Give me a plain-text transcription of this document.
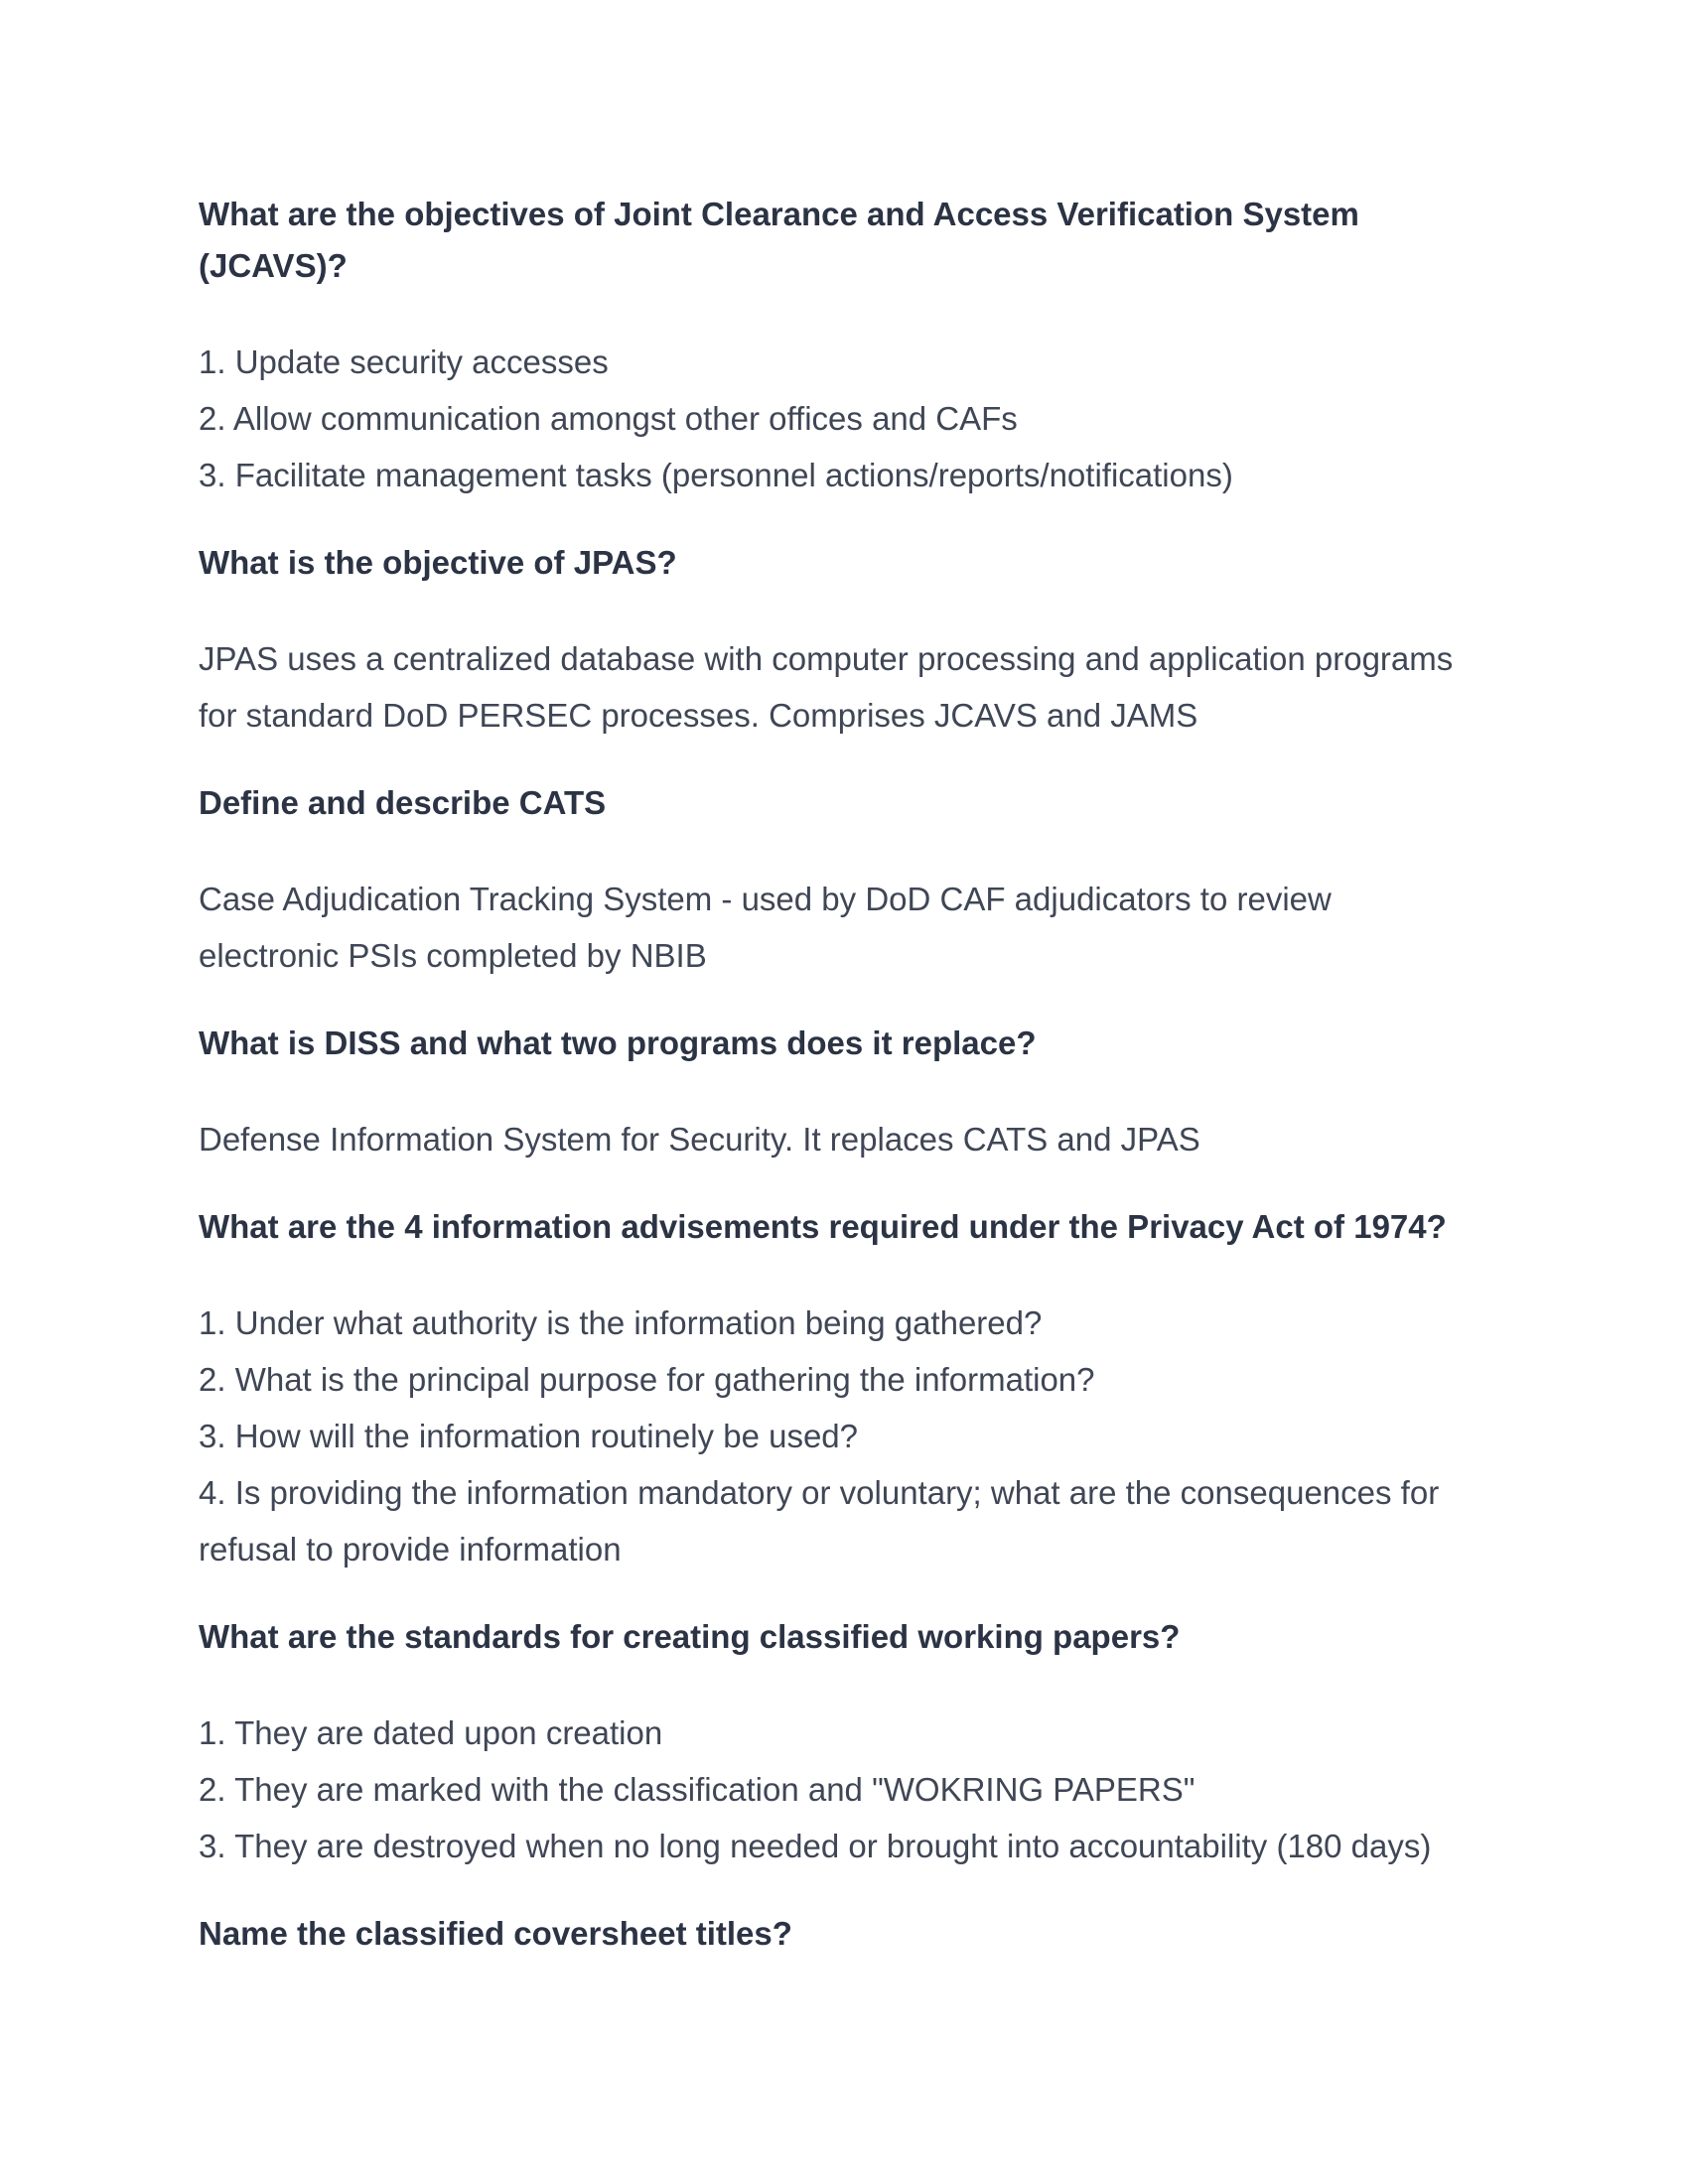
What are the objectives of Joint Clearance and Access Verification System (JCAVS)?
1. Update security accesses
2. Allow communication amongst other offices and CAFs
3. Facilitate management tasks (personnel actions/reports/notifications)
What is the objective of JPAS?
JPAS uses a centralized database with computer processing and application programs for standard DoD PERSEC processes. Comprises JCAVS and JAMS
Define and describe CATS
Case Adjudication Tracking System - used by DoD CAF adjudicators to review electronic PSIs completed by NBIB
What is DISS and what two programs does it replace?
Defense Information System for Security. It replaces CATS and JPAS
What are the 4 information advisements required under the Privacy Act of 1974?
1. Under what authority is the information being gathered?
2. What is the principal purpose for gathering the information?
3. How will the information routinely be used?
4. Is providing the information mandatory or voluntary; what are the consequences for refusal to provide information
What are the standards for creating classified working papers?
1. They are dated upon creation
2. They are marked with the classification and "WOKRING PAPERS"
3. They are destroyed when no long needed or brought into accountability (180 days)
Name the classified coversheet titles?
